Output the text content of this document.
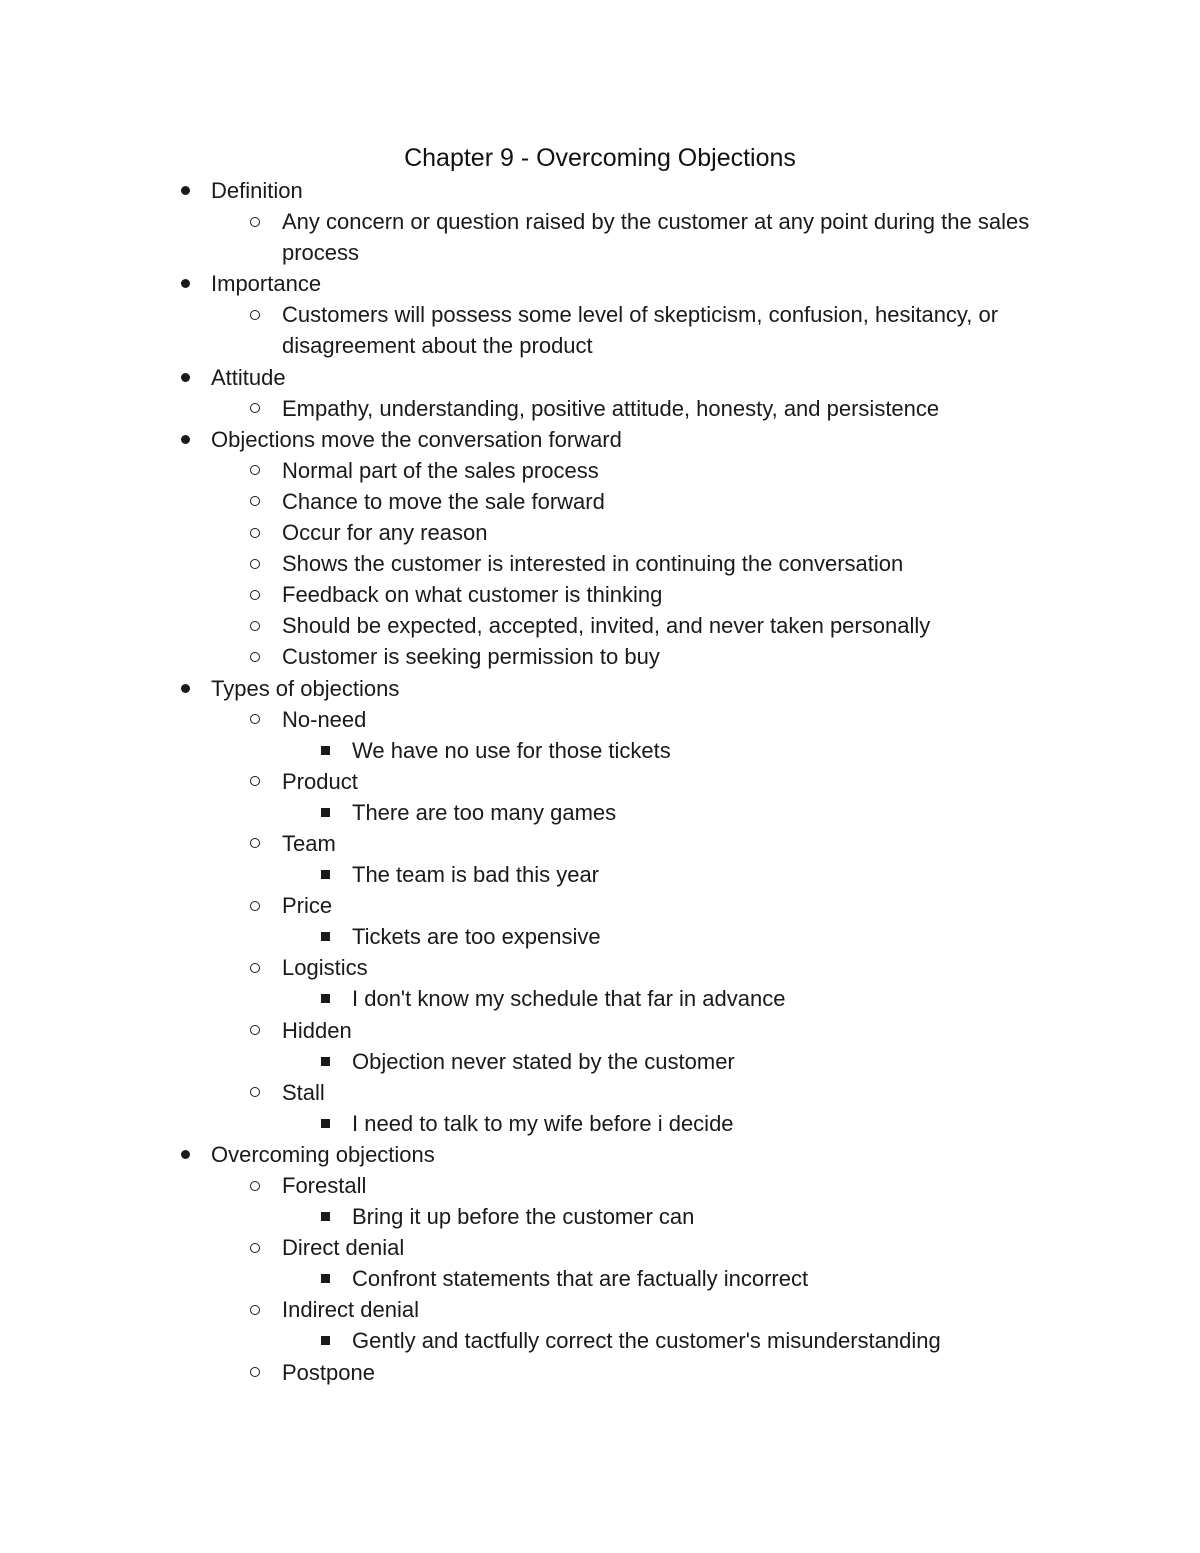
Chapter 9 - Overcoming Objections
Definition
Any concern or question raised by the customer at any point during the sales process
Importance
Customers will possess some level of skepticism, confusion, hesitancy, or disagreement about the product
Attitude
Empathy, understanding, positive attitude, honesty, and persistence
Objections move the conversation forward
Normal part of the sales process
Chance to move the sale forward
Occur for any reason
Shows the customer is interested in continuing the conversation
Feedback on what customer is thinking
Should be expected, accepted, invited, and never taken personally
Customer is seeking permission to buy
Types of objections
No-need
We have no use for those tickets
Product
There are too many games
Team
The team is bad this year
Price
Tickets are too expensive
Logistics
I don't know my schedule that far in advance
Hidden
Objection never stated by the customer
Stall
I need to talk to my wife before i decide
Overcoming objections
Forestall
Bring it up before the customer can
Direct denial
Confront statements that are factually incorrect
Indirect denial
Gently and tactfully correct the customer's misunderstanding
Postpone
